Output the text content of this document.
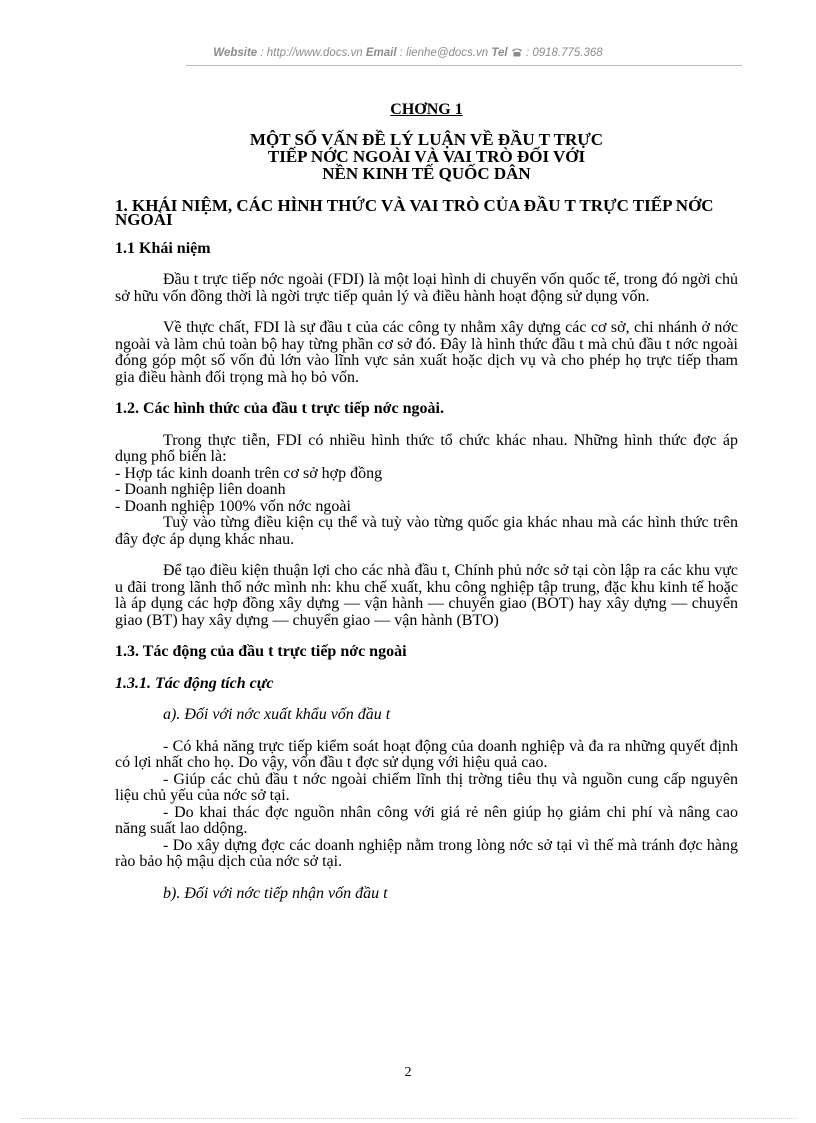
Website : http://www.docs.vn Email : lienhe@docs.vn Tel : 0918.775.368
CHƠNG 1
MỘT SỐ VẤN ĐỀ LÝ LUẬN VỀ ĐẦU T TRỰC
TIẾP NỚC NGOÀI VÀ VAI TRÒ ĐỐI VỚI
NỀN KINH TẾ QUỐC DÂN
1. KHÁI NIỆM, CÁC HÌNH THỨC VÀ VAI TRÒ CỦA ĐẦU T TRỰC TIẾP NỚC NGOÀI
1.1 Khái niệm

Đầu t trực tiếp nớc ngoài (FDI) là một loại hình di chuyển vốn quốc tế, trong đó ngời chủ sở hữu vốn đồng thời là ngời trực tiếp quản lý và điều hành hoạt động sử dụng vốn.

Về thực chất, FDI là sự đầu t của các công ty nhằm xây dựng các cơ sở, chi nhánh ở nớc ngoài và làm chủ toàn bộ hay từng phần cơ sở đó. Đây là hình thức đầu t mà chủ đầu t nớc ngoài đóng góp một số vốn đủ lớn vào lĩnh vực sản xuất hoặc dịch vụ và cho phép họ trực tiếp tham gia điều hành đối trọng mà họ bỏ vốn.

1.2. Các hình thức của đầu t trực tiếp nớc ngoài.

Trong thực tiễn, FDI có nhiều hình thức tổ chức khác nhau. Những hình thức đợc áp dụng phổ biến là:

- Hợp tác kinh doanh trên cơ sở hợp đồng
- Doanh nghiệp liên doanh
- Doanh nghiệp 100% vốn nớc ngoài

Tuỳ vào từng điều kiện cụ thể và tuỳ vào từng quốc gia khác nhau mà các hình thức trên đây đợc áp dụng khác nhau.

Để tạo điều kiện thuận lợi cho các nhà đầu t, Chính phủ nớc sở tại còn lập ra các khu vực u đãi trong lãnh thổ nớc mình nh: khu chế xuất, khu công nghiệp tập trung, đặc khu kinh tế hoặc là áp dụng các hợp đồng xây dựng — vận hành — chuyển giao (BOT) hay xây dựng — chuyển giao (BT) hay xây dựng — chuyển giao — vận hành (BTO)

1.3. Tác động của đầu t trực tiếp nớc ngoài
1.3.1. Tác động tích cực
a). Đối với nớc xuất khẩu vốn đầu t

- Có khả năng trực tiếp kiểm soát hoạt động của doanh nghiệp và đa ra những quyết định có lợi nhất cho họ. Do vậy, vốn đầu t đợc sử dụng với hiệu quả cao.

- Giúp các chủ đầu t nớc ngoài chiếm lĩnh thị trờng tiêu thụ và nguồn cung cấp nguyên liệu chủ yếu của nớc sở tại.

- Do khai thác đợc nguồn nhân công với giá rẻ nên giúp họ giảm chi phí và nâng cao năng suất lao ddộng.

- Do xây dựng đợc các doanh nghiệp nằm trong lòng nớc sở tại vì thế mà tránh đợc hàng rào bảo hộ mậu dịch của nớc sở tại.

b). Đối với nớc tiếp nhận vốn đầu t
2
